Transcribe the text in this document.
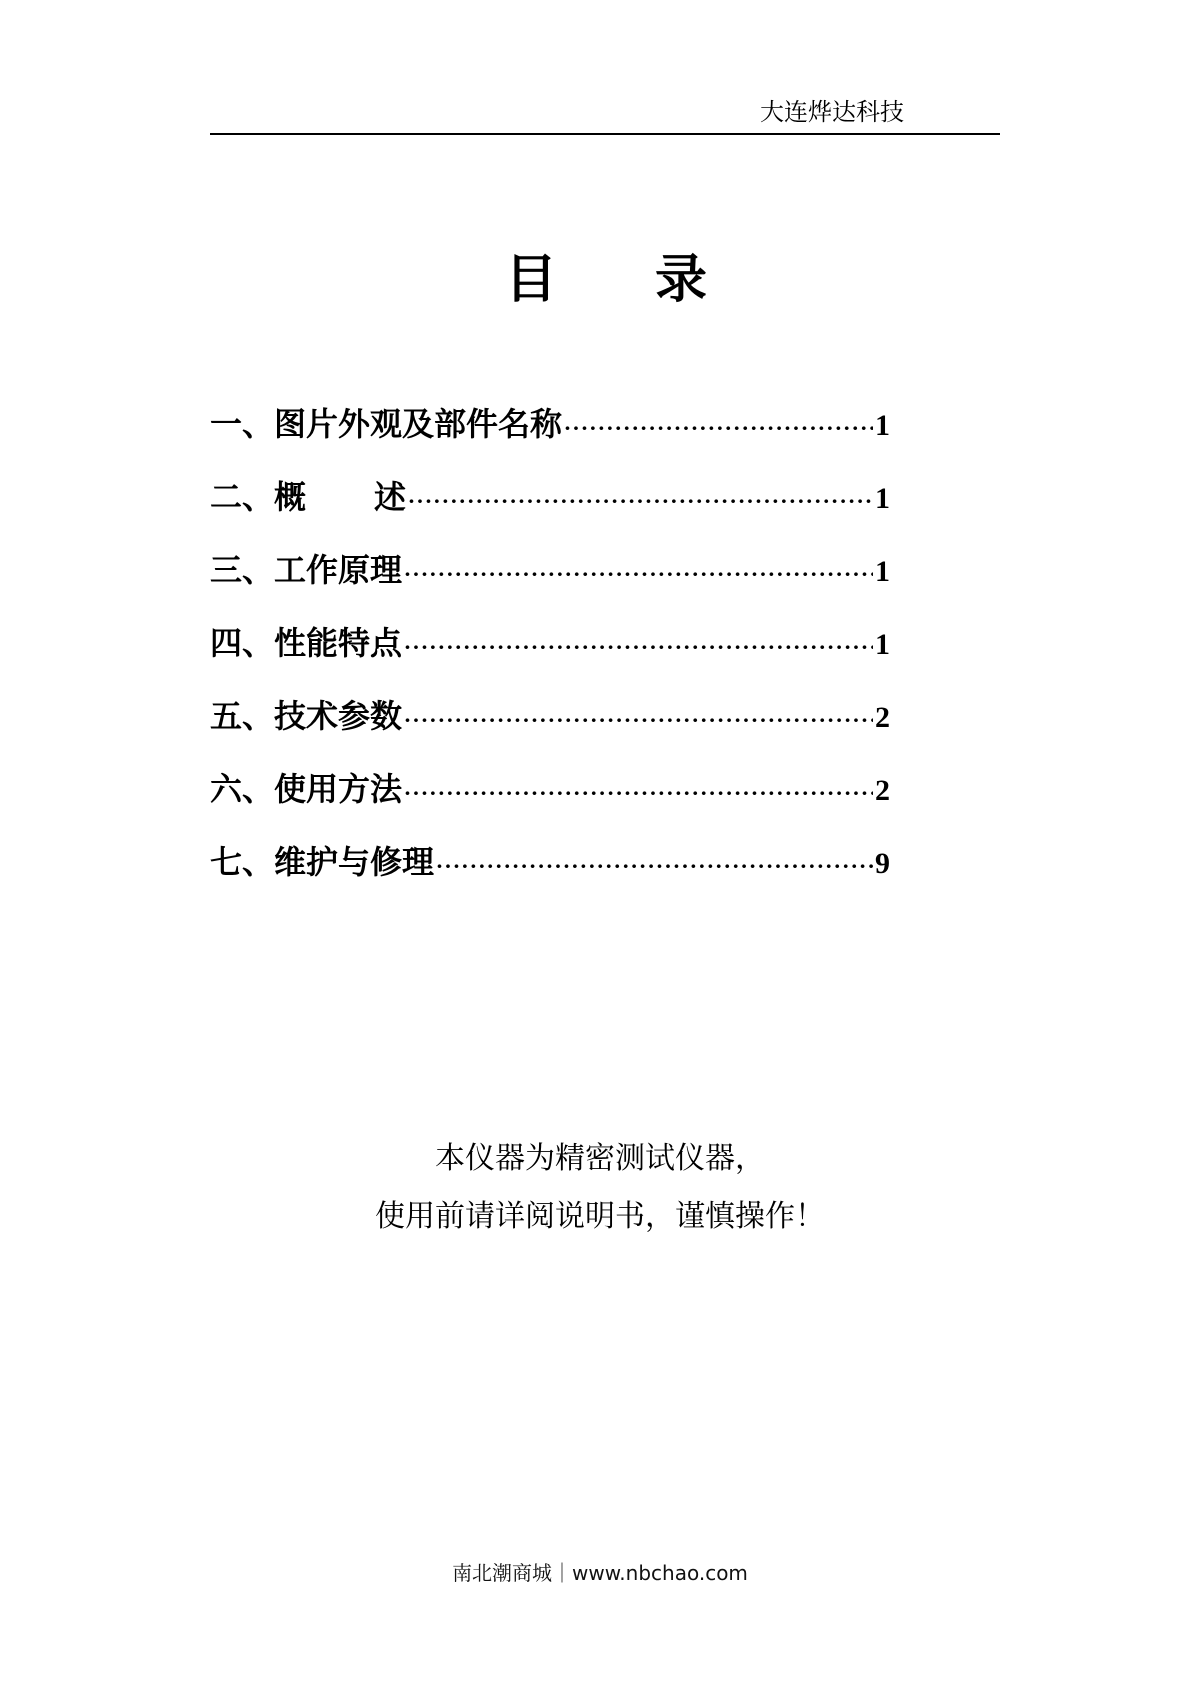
大连烨达科技
目 录
一、图片外观及部件名称 ·····	1
二、概 述 ·····	1
三、工作原理 ·····	1
四、性能特点 ·····	1
五、技术参数 ·····	2
六、使用方法 ·····	2
七、维护与修理 ·····	9
本仪器为精密测试仪器，
使用前请详阅说明书，谨慎操作！
南北潮商城｜www.nbchao.com
